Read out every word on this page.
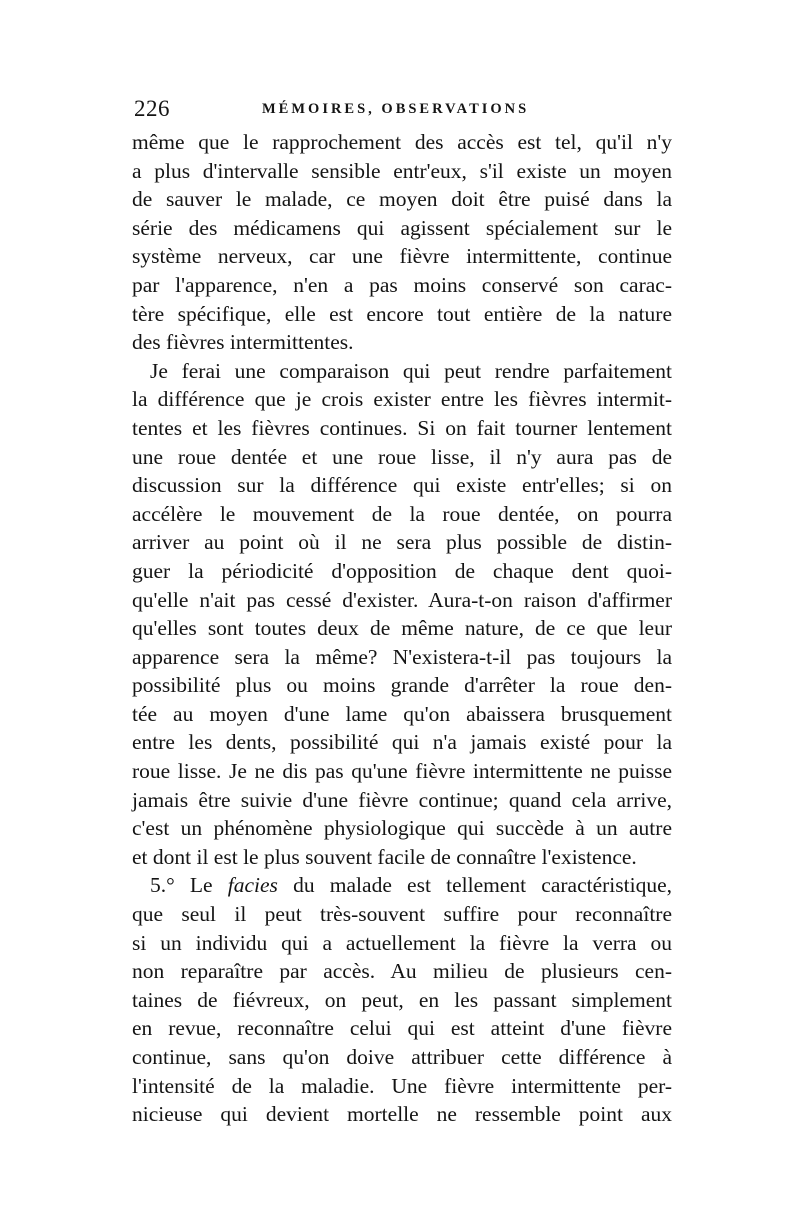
226	MÉMOIRES, OBSERVATIONS
même que le rapprochement des accès est tel, qu'il n'y
a plus d'intervalle sensible entr'eux, s'il existe un moyen
de sauver le malade, ce moyen doit être puisé dans la
série des médicamens qui agissent spécialement sur le
système nerveux, car une fièvre intermittente, continue
par l'apparence, n'en a pas moins conservé son carac-
tère spécifique, elle est encore tout entière de la nature
des fièvres intermittentes.
Je ferai une comparaison qui peut rendre parfaitement
la différence que je crois exister entre les fièvres intermit-
tentes et les fièvres continues. Si on fait tourner lentement
une roue dentée et une roue lisse, il n'y aura pas de
discussion sur la différence qui existe entr'elles; si on
accélère le mouvement de la roue dentée, on pourra
arriver au point où il ne sera plus possible de distin-
guer la périodicité d'opposition de chaque dent quoi-
qu'elle n'ait pas cessé d'exister. Aura-t-on raison d'affirmer
qu'elles sont toutes deux de même nature, de ce que leur
apparence sera la même? N'existera-t-il pas toujours la
possibilité plus ou moins grande d'arrêter la roue den-
tée au moyen d'une lame qu'on abaissera brusquement
entre les dents, possibilité qui n'a jamais existé pour la
roue lisse. Je ne dis pas qu'une fièvre intermittente ne puisse
jamais être suivie d'une fièvre continue; quand cela arrive,
c'est un phénomène physiologique qui succède à un autre
et dont il est le plus souvent facile de connaître l'existence.
5.° Le facies du malade est tellement caractéristique,
que seul il peut très-souvent suffire pour reconnaître
si un individu qui a actuellement la fièvre la verra ou
non reparaître par accès. Au milieu de plusieurs cen-
taines de fiévreux, on peut, en les passant simplement
en revue, reconnaître celui qui est atteint d'une fièvre
continue, sans qu'on doive attribuer cette différence à
l'intensité de la maladie. Une fièvre intermittente per-
nicieuse qui devient mortelle ne ressemble point aux
